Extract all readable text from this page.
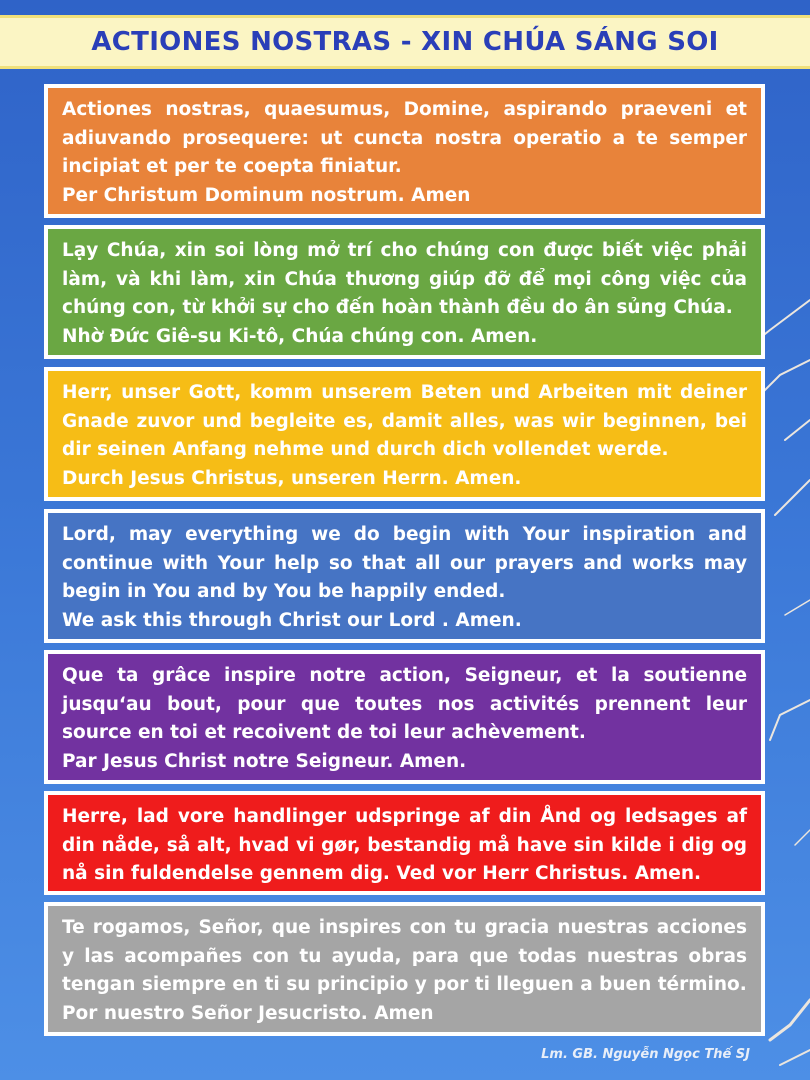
ACTIONES NOSTRAS - XIN CHÚA SÁNG SOI

Actiones nostras, quaesumus, Domine, aspirando praeveni et adiuvando prosequere: ut cuncta nostra operatio a te semper incipiat et per te coepta finiatur.

Per Christum Dominum nostrum. Amen

Lạy Chúa, xin soi lòng mở trí cho chúng con được biết việc phải làm, và khi làm, xin Chúa thương giúp đỡ để mọi công việc của chúng con, từ khởi sự cho đến hoàn thành đều do ân sủng Chúa.

Nhờ Đức Giê-su Ki-tô, Chúa chúng con. Amen.

Herr, unser Gott, komm unserem Beten und Arbeiten mit deiner Gnade zuvor und begleite es, damit alles, was wir beginnen, bei dir seinen Anfang nehme und durch dich vollendet werde.

Durch Jesus Christus, unseren Herrn. Amen.

Lord, may everything we do begin with Your inspiration and continue with Your help so that all our prayers and works may begin in You and by You be happily ended.

We ask this through Christ our Lord . Amen.

Que ta grâce inspire notre action, Seigneur, et la soutienne jusqu‘au bout, pour que toutes nos activités prennent leur source en toi et recoivent de toi leur achèvement.

Par Jesus Christ notre Seigneur. Amen.

Herre, lad vore handlinger udspringe af din Ånd og ledsages af din nåde, så alt, hvad vi gør, bestandig må have sin kilde i dig og nå sin fuldendelse gennem dig. Ved vor Herr Christus. Amen.

Te rogamos, Señor, que inspires con tu gracia nuestras acciones y las acompañes con tu ayuda, para que todas nuestras obras tengan siempre en ti su principio y por ti lleguen a buen término.

Por nuestro Señor Jesucristo. Amen

Lm. GB. Nguyễn Ngọc Thế SJ
